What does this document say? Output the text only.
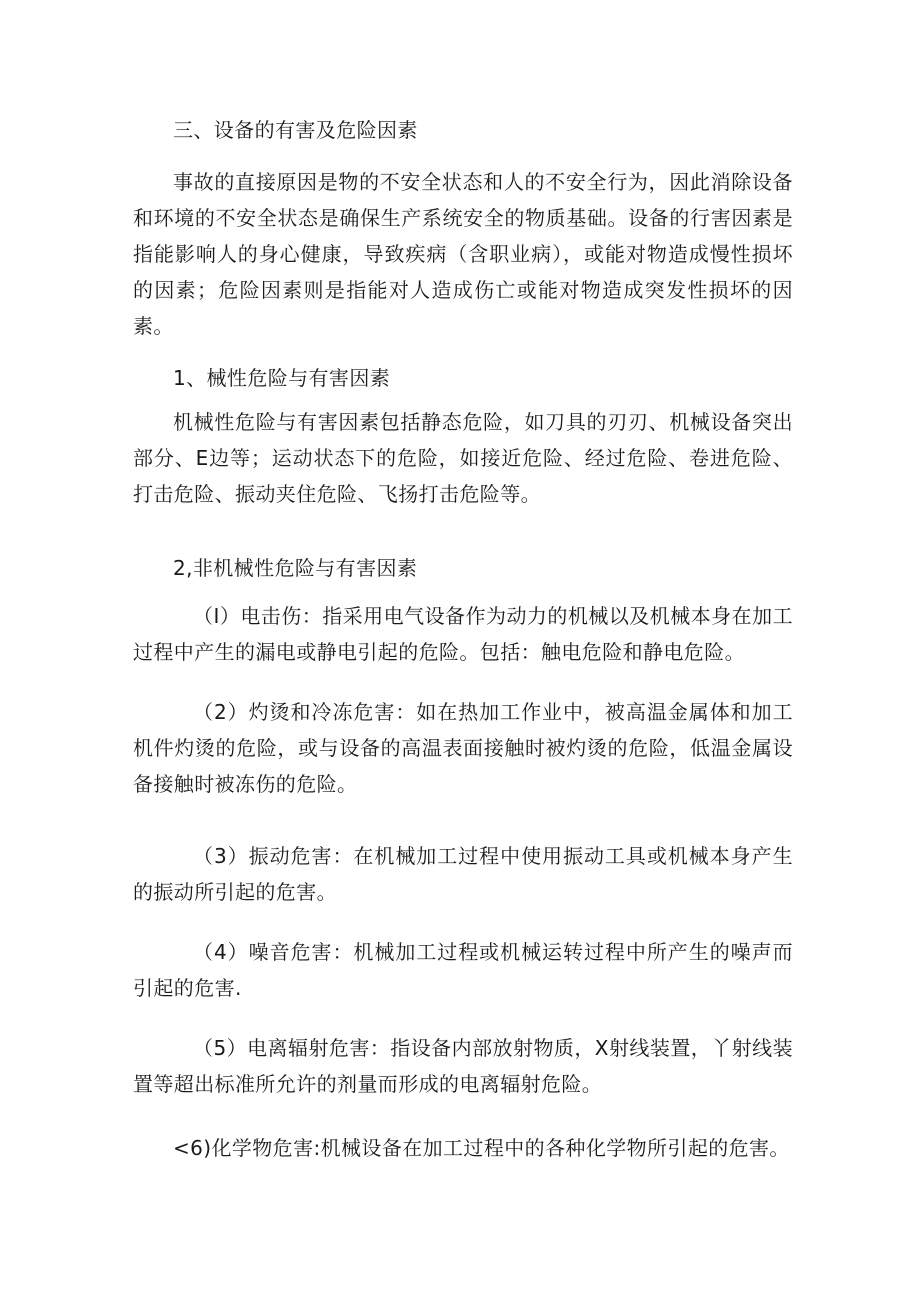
三、设备的有害及危险因素

事故的直接原因是物的不安全状态和人的不安全行为，因此消除设备和环境的不安全状态是确保生产系统安全的物质基础。设备的行害因素是指能影响人的身心健康，导致疾病（含职业病），或能对物造成慢性损坏的因素；危险因素则是指能对人造成伤亡或能对物造成突发性损坏的因素。

1、械性危险与有害因素

机械性危险与有害因素包括静态危险，如刀具的刃刃、机械设备突出部分、E边等；运动状态下的危险，如接近危险、经过危险、卷进危险、打击危险、振动夹住危险、飞扬打击危险等。

2,非机械性危险与有害因素

（I）电击伤：指采用电气设备作为动力的机械以及机械本身在加工过程中产生的漏电或静电引起的危险。包括：触电危险和静电危险。

（2）灼烫和冷冻危害：如在热加工作业中，被高温金属体和加工机件灼烫的危险，或与设备的高温表面接触时被灼烫的危险，低温金属设备接触时被冻伤的危险。

（3）振动危害：在机械加工过程中使用振动工具或机械本身产生的振动所引起的危害。

（4）噪音危害：机械加工过程或机械运转过程中所产生的噪声而引起的危害.

（5）电离辐射危害：指设备内部放射物质，X射线装置，丫射线装置等超出标准所允许的剂量而形成的电离辐射危险。

<6)化学物危害:机械设备在加工过程中的各种化学物所引起的危害。
